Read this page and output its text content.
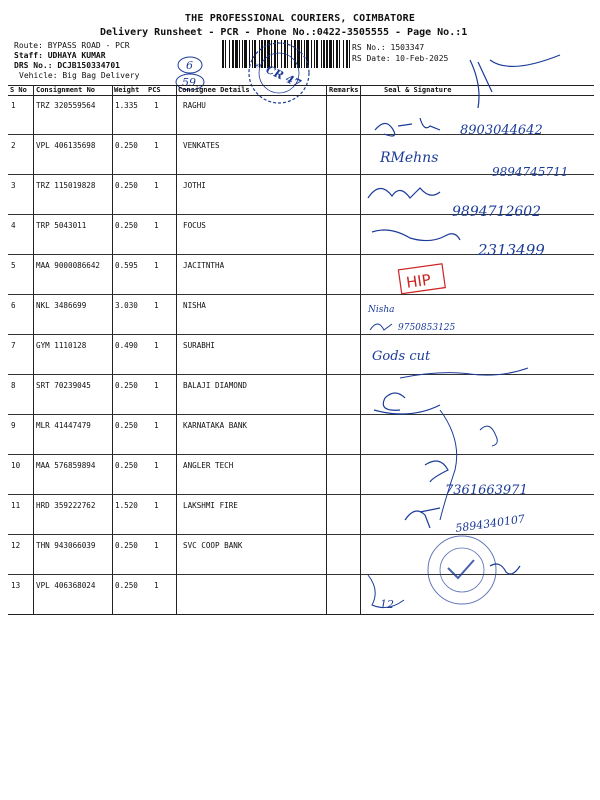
THE PROFESSIONAL COURIERS, COIMBATORE
Delivery Runsheet - PCR - Phone No.:0422-3505555 - Page No.:1
Route: BYPASS ROAD - PCR
Staff: UDHAYA KUMAR
DRS No.: DCJB150334701
Vehicle: Big Bag Delivery
RS No.: 1503347
RS Date: 10-Feb-2025
6
59	CR 47
*
S No Consignment No	Weight PCS Consignee Details	Remarks	Seal & Signature
1	TRZ 320559564	1.335 1	RAGHU
2	VPL 406135698	0.250 1	VENKATES
3	TRZ 115019828	0.250 1	JOTHI
4	TRP 5043011	0.250 1	FOCUS
5	MAA 9000086642 0.595 1	JACITNTHA
6	NKL 3486699	3.030 1	NISHA
7	GYM 1110128	0.490 1	SURABHI
8	SRT 70239045	0.250 1	BALAJI DIAMOND
9	MLR 41447479	0.250 1	KARNATAKA BANK
10 MAA 576859894	0.250 1	ANGLER TECH
11 HRD 359222762	1.520 1	LAKSHMI FIRE
12 THN 943066039	0.250 1	SVC COOP BANK
13 VPL 406368024	0.250 1
8903044642
RMehns
9894745711
9894712602
2313499
HIP
Nisha
9750853125
Gods cut
7361663971
5894340107
12
